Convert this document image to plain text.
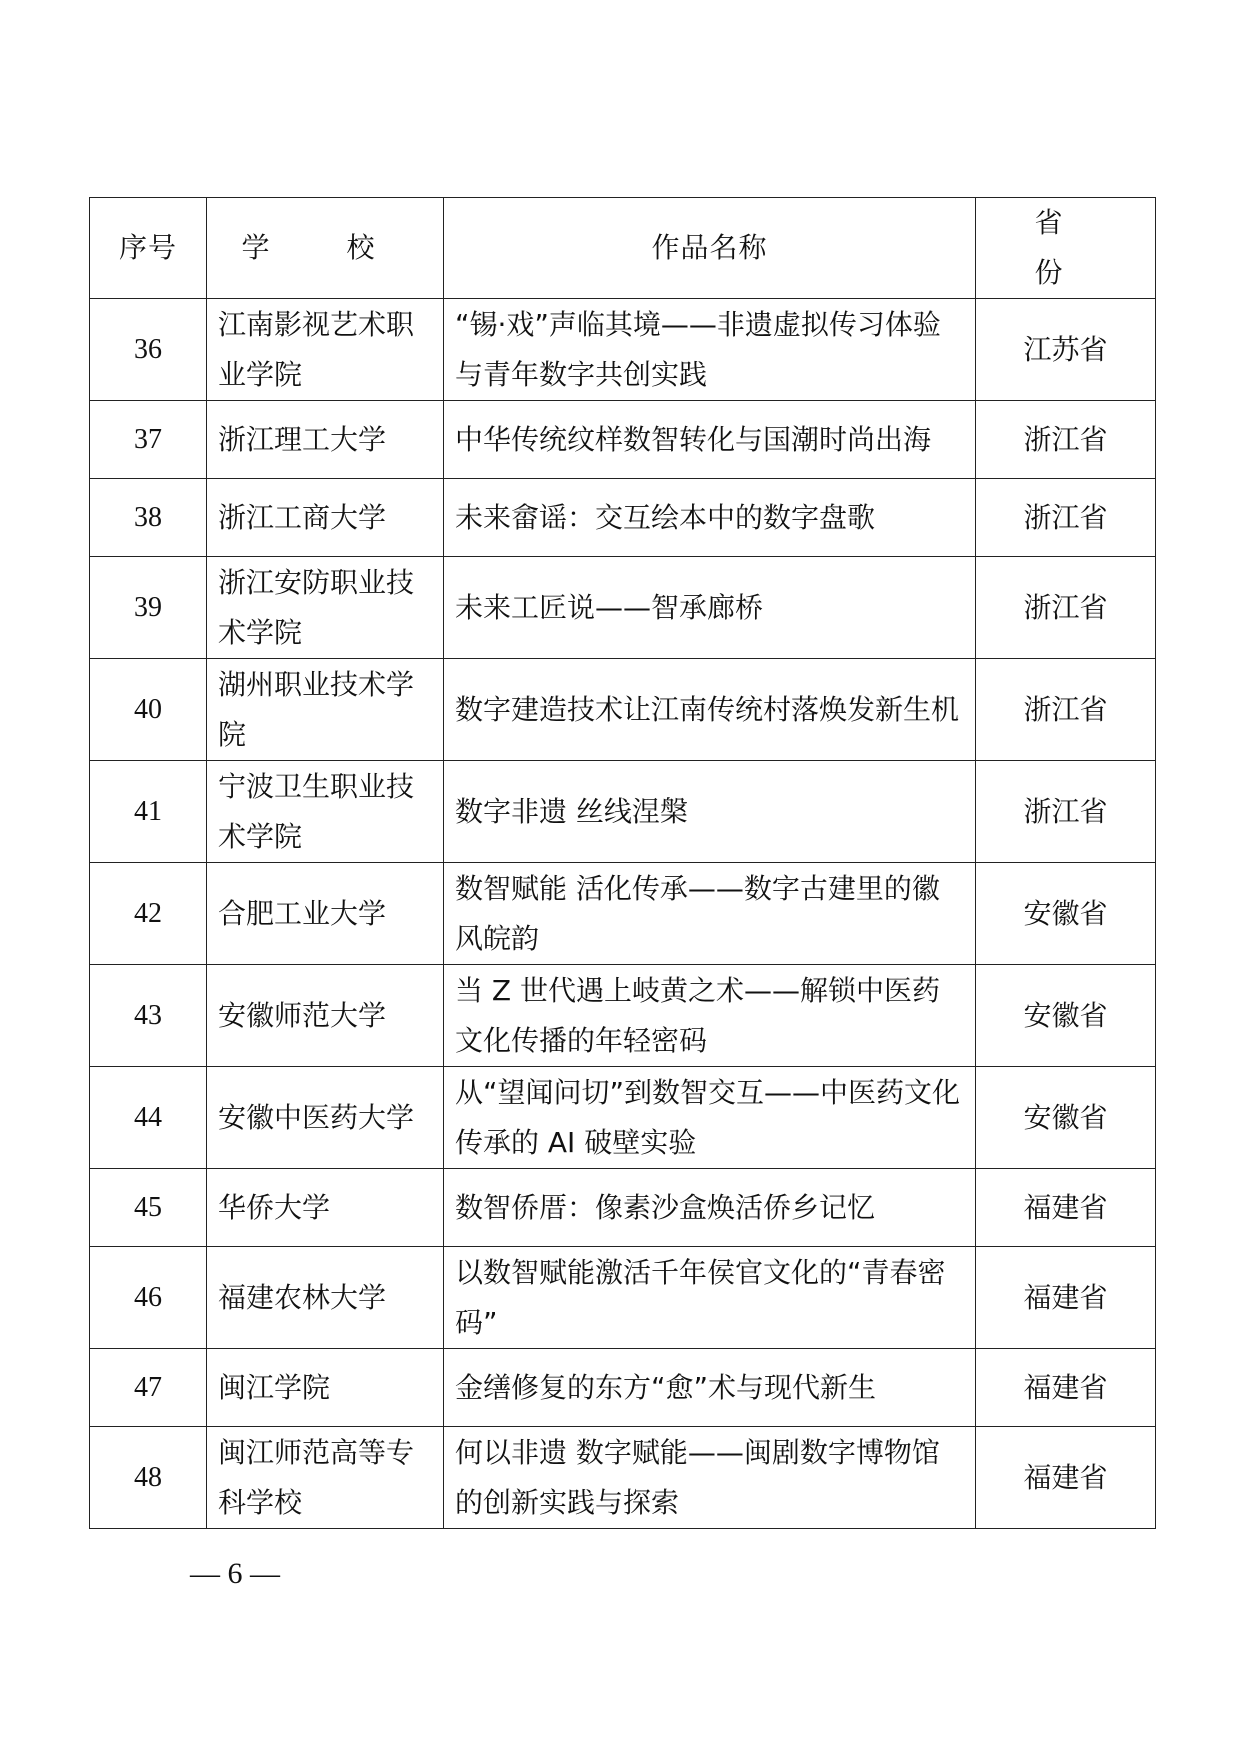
序号	学 校	作品名称	省 份
36	江南影视艺术职业学院	“锡·戏”声临其境——非遗虚拟传习体验与青年数字共创实践	江苏省
37	浙江理工大学	中华传统纹样数智转化与国潮时尚出海	浙江省
38	浙江工商大学	未来畲谣：交互绘本中的数字盘歌	浙江省
39	浙江安防职业技术学院	未来工匠说——智承廊桥	浙江省
40	湖州职业技术学院	数字建造技术让江南传统村落焕发新生机	浙江省
41	宁波卫生职业技术学院	数字非遗 丝线涅槃	浙江省
42	合肥工业大学	数智赋能 活化传承——数字古建里的徽风皖韵	安徽省
43	安徽师范大学	当 Z 世代遇上岐黄之术——解锁中医药文化传播的年轻密码	安徽省
44	安徽中医药大学	从“望闻问切”到数智交互——中医药文化传承的 AI 破壁实验	安徽省
45	华侨大学	数智侨厝：像素沙盒焕活侨乡记忆	福建省
46	福建农林大学	以数智赋能激活千年侯官文化的“青春密码”	福建省
47	闽江学院	金缮修复的东方“愈”术与现代新生	福建省
48	闽江师范高等专科学校	何以非遗 数字赋能——闽剧数字博物馆的创新实践与探索	福建省
— 6 —
